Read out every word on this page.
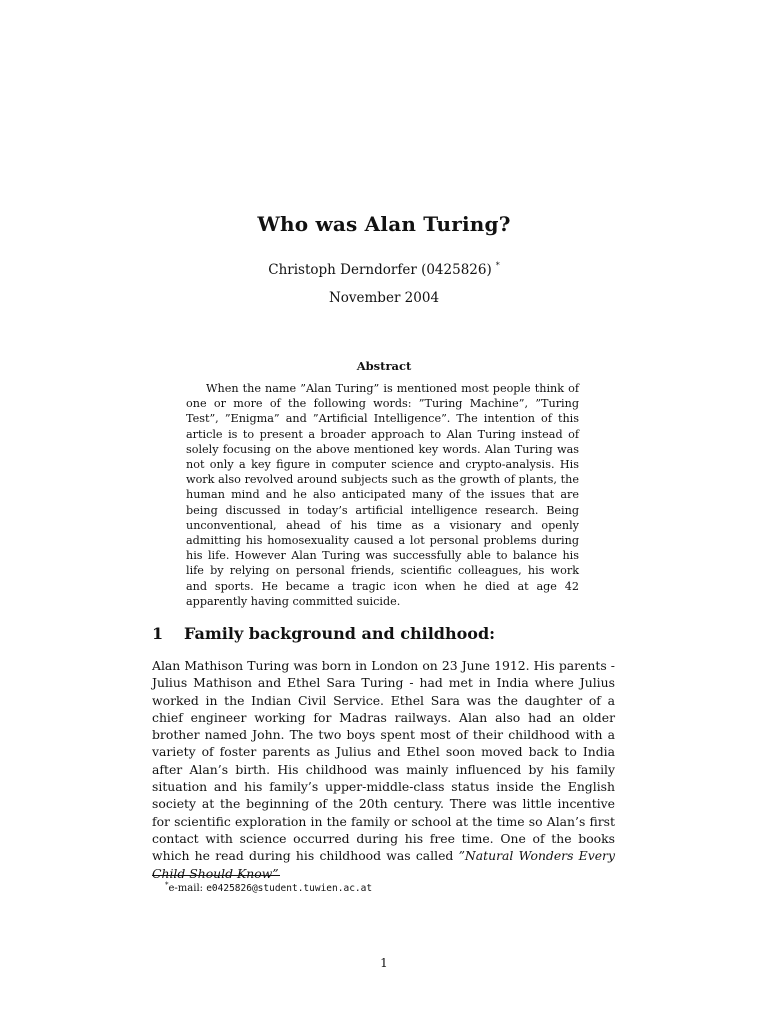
Who was Alan Turing?
Christoph Derndorfer (0425826) *
November 2004
Abstract

When the name ”Alan Turing” is mentioned most people think of one or more of the following words: ”Turing Machine”, ”Turing Test”, ”Enigma” and ”Artificial Intelligence”. The intention of this article is to present a broader approach to Alan Turing instead of solely focusing on the above mentioned key words. Alan Turing was not only a key figure in computer science and crypto-analysis. His work also revolved around subjects such as the growth of plants, the human mind and he also anticipated many of the issues that are being discussed in today’s artificial intelligence research. Being unconventional, ahead of his time as a visionary and openly admitting his homosexuality caused a lot personal problems during his life. However Alan Turing was successfully able to balance his life by relying on personal friends, scientific colleagues, his work and sports. He became a tragic icon when he died at age 42 apparently having committed suicide.

1 Family background and childhood:

Alan Mathison Turing was born in London on 23 June 1912. His parents - Julius Mathison and Ethel Sara Turing - had met in India where Julius worked in the Indian Civil Service. Ethel Sara was the daughter of a chief engineer working for Madras railways. Alan also had an older brother named John. The two boys spent most of their childhood with a variety of foster parents as Julius and Ethel soon moved back to India after Alan’s birth. His childhood was mainly influenced by his family situation and his family’s upper-middle-class status inside the English society at the beginning of the 20th century. There was little incentive for scientific exploration in the family or school at the time so Alan’s first contact with science occurred during his free time. One of the books which he read during his childhood was called ”Natural Wonders Every Child Should Know”

*e-mail: e0425826@student.tuwien.ac.at
1
